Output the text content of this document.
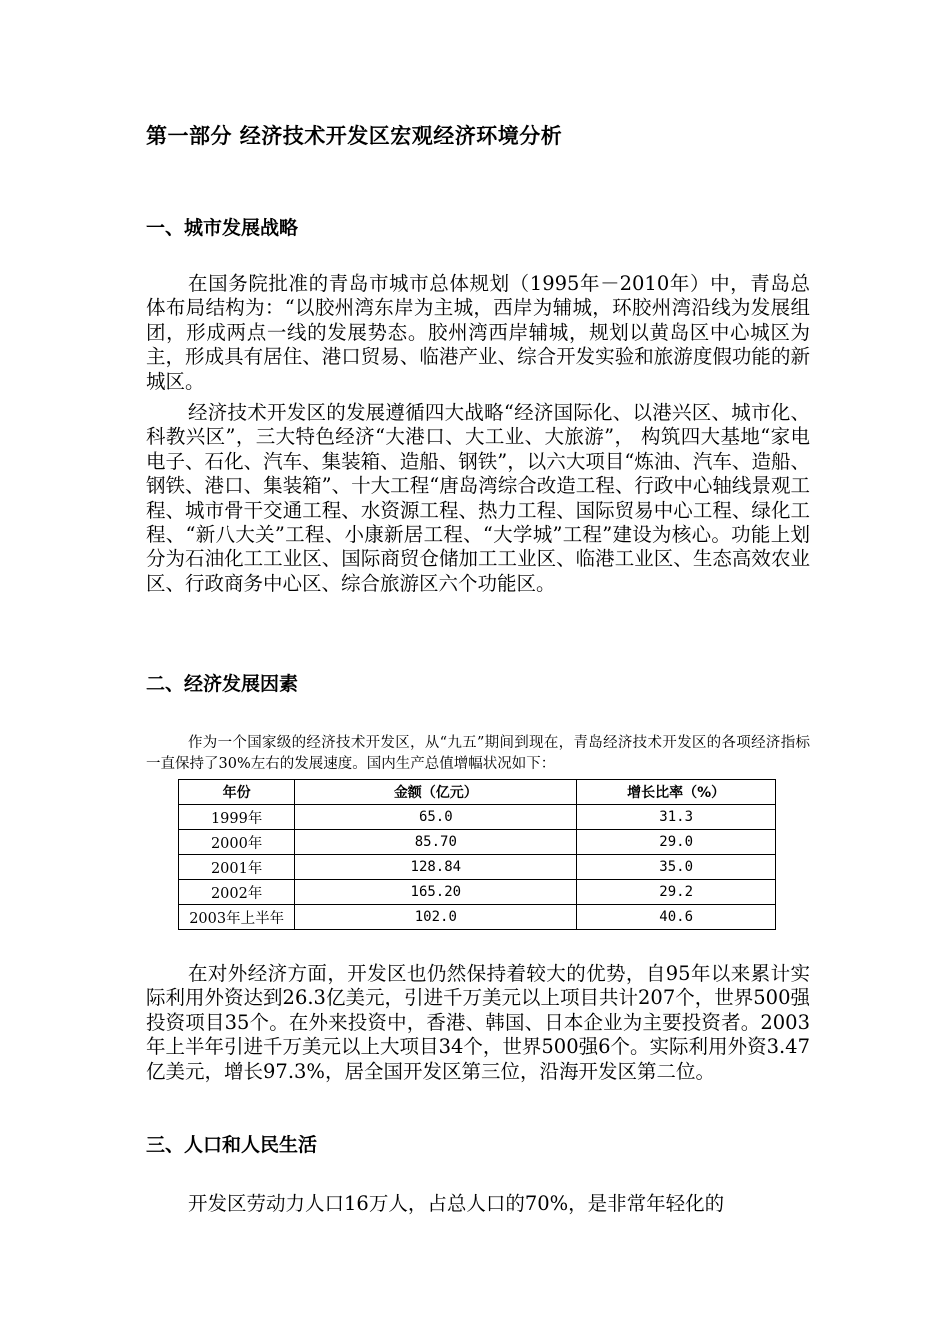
第一部分 经济技术开发区宏观经济环境分析
一、城市发展战略

在国务院批准的青岛市城市总体规划（1995年－2010年）中，青岛总体布局结构为：“以胶州湾东岸为主城，西岸为辅城，环胶州湾沿线为发展组团，形成两点一线的发展势态。胶州湾西岸辅城，规划以黄岛区中心城区为主，形成具有居住、港口贸易、临港产业、综合开发实验和旅游度假功能的新城区。

经济技术开发区的发展遵循四大战略“经济国际化、以港兴区、城市化、科教兴区”，三大特色经济“大港口、大工业、大旅游”， 构筑四大基地“家电电子、石化、汽车、集装箱、造船、钢铁”，以六大项目“炼油、汽车、造船、钢铁、港口、集装箱”、十大工程“唐岛湾综合改造工程、行政中心轴线景观工程、城市骨干交通工程、水资源工程、热力工程、国际贸易中心工程、绿化工程、“新八大关”工程、小康新居工程、“大学城”工程”建设为核心。功能上划分为石油化工工业区、国际商贸仓储加工工业区、临港工业区、生态高效农业区、行政商务中心区、综合旅游区六个功能区。

二、经济发展因素

作为一个国家级的经济技术开发区，从“九五”期间到现在，青岛经济技术开发区的各项经济指标一直保持了30%左右的发展速度。国内生产总值增幅状况如下：

年份	金额（亿元）	增长比率（%）
1999年	65.0	31.3
2000年	85.70	29.0
2001年	128.84	35.0
2002年	165.20	29.2
2003年上半年	102.0	40.6

在对外经济方面，开发区也仍然保持着较大的优势，自95年以来累计实际利用外资达到26.3亿美元，引进千万美元以上项目共计207个，世界500强投资项目35个。在外来投资中，香港、韩国、日本企业为主要投资者。2003年上半年引进千万美元以上大项目34个，世界500强6个。实际利用外资3.47亿美元，增长97.3%，居全国开发区第三位，沿海开发区第二位。

三、人口和人民生活

开发区劳动力人口16万人，占总人口的70%，是非常年轻化的
